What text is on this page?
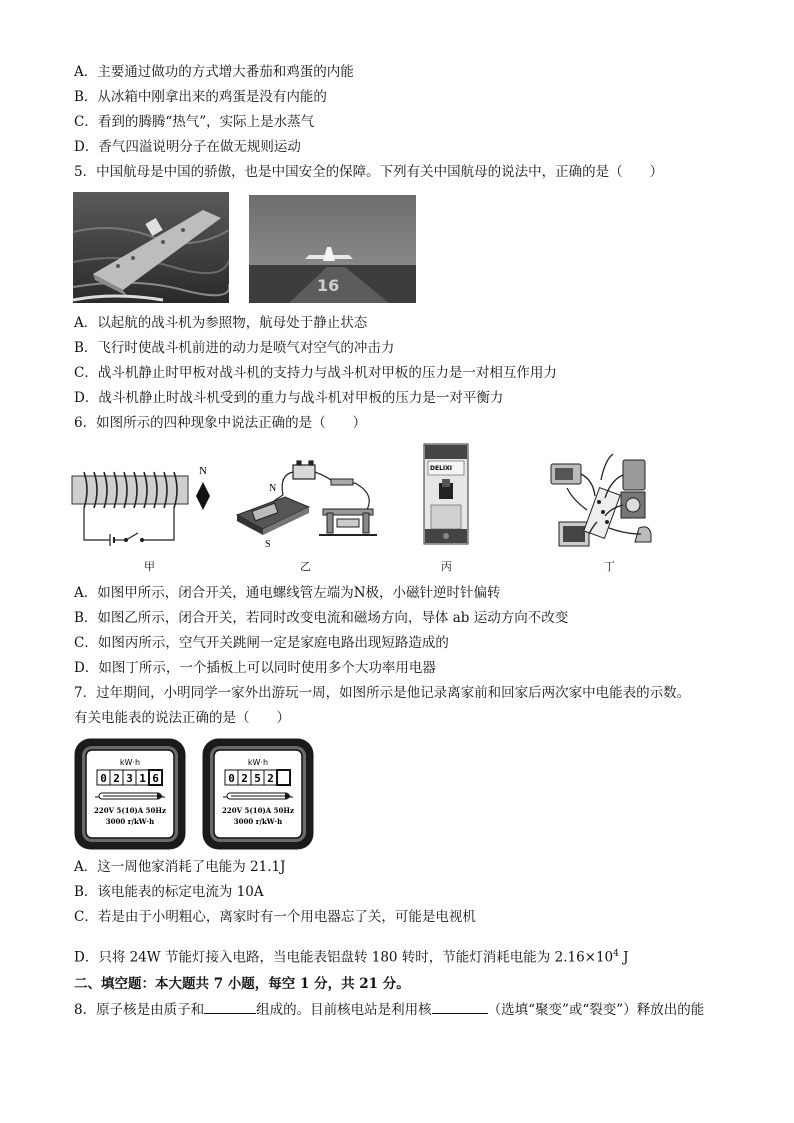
A．主要通过做功的方式增大番茄和鸡蛋的内能
B．从冰箱中刚拿出来的鸡蛋是没有内能的
C．看到的腾腾“热气”，实际上是水蒸气
D．香气四溢说明分子在做无规则运动
5．中国航母是中国的骄傲，也是中国安全的保障。下列有关中国航母的说法中，正确的是（　　）
16
A．以起航的战斗机为参照物，航母处于静止状态
B．飞行时使战斗机前进的动力是喷气对空气的冲击力
C．战斗机静止时甲板对战斗机的支持力与战斗机对甲板的压力是一对相互作用力
D．战斗机静止时战斗机受到的重力与战斗机对甲板的压力是一对平衡力
6．如图所示的四种现象中说法正确的是（　　）
N
N
S
DELIXI
甲	乙	丙	丁
A．如图甲所示，闭合开关，通电螺线管左端为N极，小磁针逆时针偏转
B．如图乙所示，闭合开关，若同时改变电流和磁场方向，导体 ab 运动方向不改变
C．如图丙所示，空气开关跳闸一定是家庭电路出现短路造成的
D．如图丁所示，一个插板上可以同时使用多个大功率用电器
7．过年期间，小明同学一家外出游玩一周，如图所示是他记录离家前和回家后两次家中电能表的示数。
有关电能表的说法正确的是（　　）
kW·h
0 2 3 1 6
220V 5(10)A 50Hz
3000 r/kW·h
kW·h
0 2 5 2
220V 5(10)A 50Hz
3000 r/kW·h
A．这一周他家消耗了电能为 21.1J
B．该电能表的标定电流为 10A
C．若是由于小明粗心，离家时有一个用电器忘了关，可能是电视机
D．只将 24W 节能灯接入电路，当电能表铝盘转 180 转时，节能灯消耗电能为 $2.16\times 10^4$ J
二、填空题：本大题共 7 小题，每空 1 分，共 21 分。
8．原子核是由质子和	组成的。目前核电站是利用核	（选填“聚变”或“裂变”）释放出的能
